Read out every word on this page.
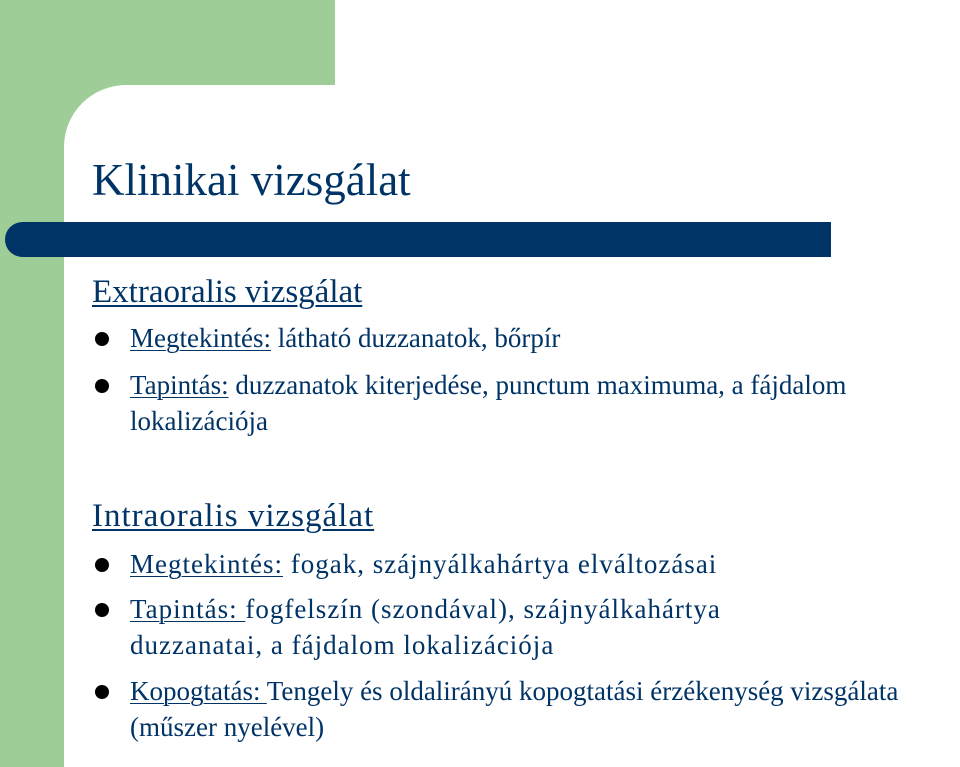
Klinikai vizsgálat
Extraoralis vizsgálat
Megtekintés: látható duzzanatok, bőrpír
Tapintás: duzzanatok kiterjedése, punctum maximuma, a fájdalom lokalizációja
Intraoralis vizsgálat
Megtekintés: fogak, szájnyálkahártya elváltozásai
Tapintás: fogfelszín (szondával), szájnyálkahártya duzzanatai, a fájdalom lokalizációja
Kopogtatás: Tengely és oldalirányú kopogtatási érzékenység vizsgálata (műszer nyelével)
